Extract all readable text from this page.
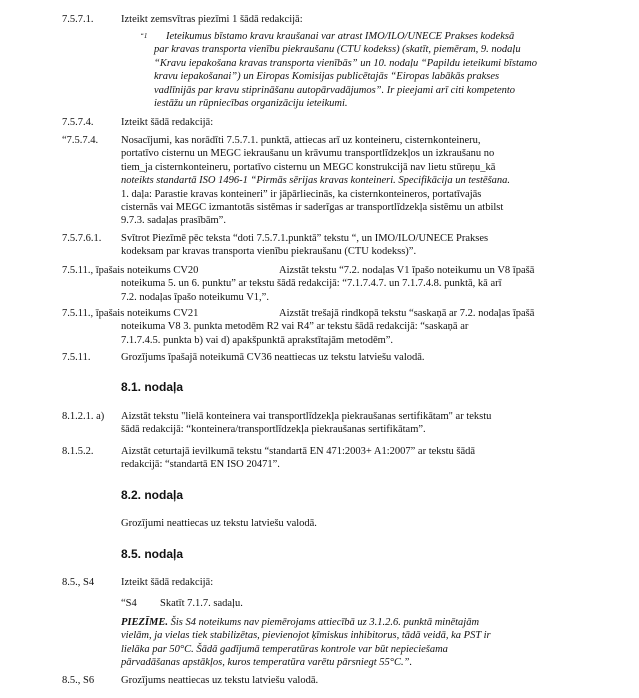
7.5.7.1.	Izteikt zemsvītras piezīmi 1 šādā redakcijā:
$^{“1}$	Ieteikumus bīstamo kravu kraušanai var atrast IMO/ILO/UNECE Prakses kodeksā
par kravas transporta vienību piekraušanu (CTU kodekss) (skatīt, piemēram, 9. nodaļu
“Kravu iepakošana kravas transporta vienībās” un 10. nodaļu “Papildu ieteikumi bīstamo
kravu iepakošanai”) un Eiropas Komisijas publicētajās “Eiropas labākās prakses
vadlīnijās par kravu stiprināšanu autopārvadājumos”. Ir pieejami arī citi kompetento
iestāžu un rūpniecības organizāciju ieteikumi.
7.5.7.4.	Izteikt šādā redakcijā:
“7.5.7.4.	Nosacījumi, kas norādīti 7.5.7.1. punktā, attiecas arī uz konteineru, cisternkonteineru,
portatīvo cisternu un MEGC iekraušanu un krāvumu transportlīdzekļos un izkraušanu no
tiem_ja cisternkonteineru, portatīvo cisternu un MEGC konstrukcijā nav lietu stūreņu_kā
noteikts standartā ISO 1496-1 “Pirmās sērijas kravas konteineri. Specifikācija un testēšana.
1. daļa: Parastie kravas konteineri” ir jāpārliecinās, ka cisternkonteineros, portatīvajās
cisternās vai MEGC izmantotās sistēmas ir saderīgas ar transportlīdzekļa sistēmu un atbilst
9.7.3. sadaļas prasībām”.
7.5.7.6.1.	Svītrot Piezīmē pēc teksta “doti 7.5.7.1.punktā” tekstu “, un IMO/ILO/UNECE Prakses
kodeksam par kravas transporta vienību piekraušanu (CTU kodekss)”.
7.5.11., īpašais noteikums CV20	Aizstāt tekstu “7.2. nodaļas V1 īpašo noteikumu un V8 īpašā
noteikuma 5. un 6. punktu” ar tekstu šādā redakcijā: “7.1.7.4.7. un 7.1.7.4.8. punktā, kā arī
7.2. nodaļas īpašo noteikumu V1,”.
7.5.11., īpašais noteikums CV21	Aizstāt trešajā rindkopā tekstu “saskaņā ar 7.2. nodaļas īpašā
noteikuma V8 3. punkta metodēm R2 vai R4” ar tekstu šādā redakcijā: “saskaņā ar
7.1.7.4.5. punkta b) vai d) apakšpunktā aprakstītajām metodēm”.
7.5.11.	Grozījums īpašajā noteikumā CV36 neattiecas uz tekstu latviešu valodā.
8.1. nodaļa
8.1.2.1. a)	Aizstāt tekstu "lielā konteinera vai transportlīdzekļa piekraušanas sertifikātam" ar tekstu
šādā redakcijā: “konteinera/transportlīdzekļa piekraušanas sertifikātam”.
8.1.5.2.	Aizstāt ceturtajā ievilkumā tekstu “standartā EN 471:2003+ A1:2007” ar tekstu šādā
redakcijā: “standartā EN ISO 20471”.
8.2. nodaļa
Grozījumi neattiecas uz tekstu latviešu valodā.
8.5. nodaļa
8.5., S4	Izteikt šādā redakcijā:
“S4 Skatīt 7.1.7. sadaļu.
PIEZĪME. Šis S4 noteikums nav piemērojams attiecībā uz 3.1.2.6. punktā minētajām
vielām, ja vielas tiek stabilizētas, pievienojot ķīmiskus inhibitorus, tādā veidā, ka PST ir
lielāka par 50°C. Šādā gadījumā temperatūras kontrole var būt nepieciešama
pārvadāšanas apstākļos, kuros temperatūra varētu pārsniegt 55°C.”.
8.5., S6	Grozījums neattiecas uz tekstu latviešu valodā.
